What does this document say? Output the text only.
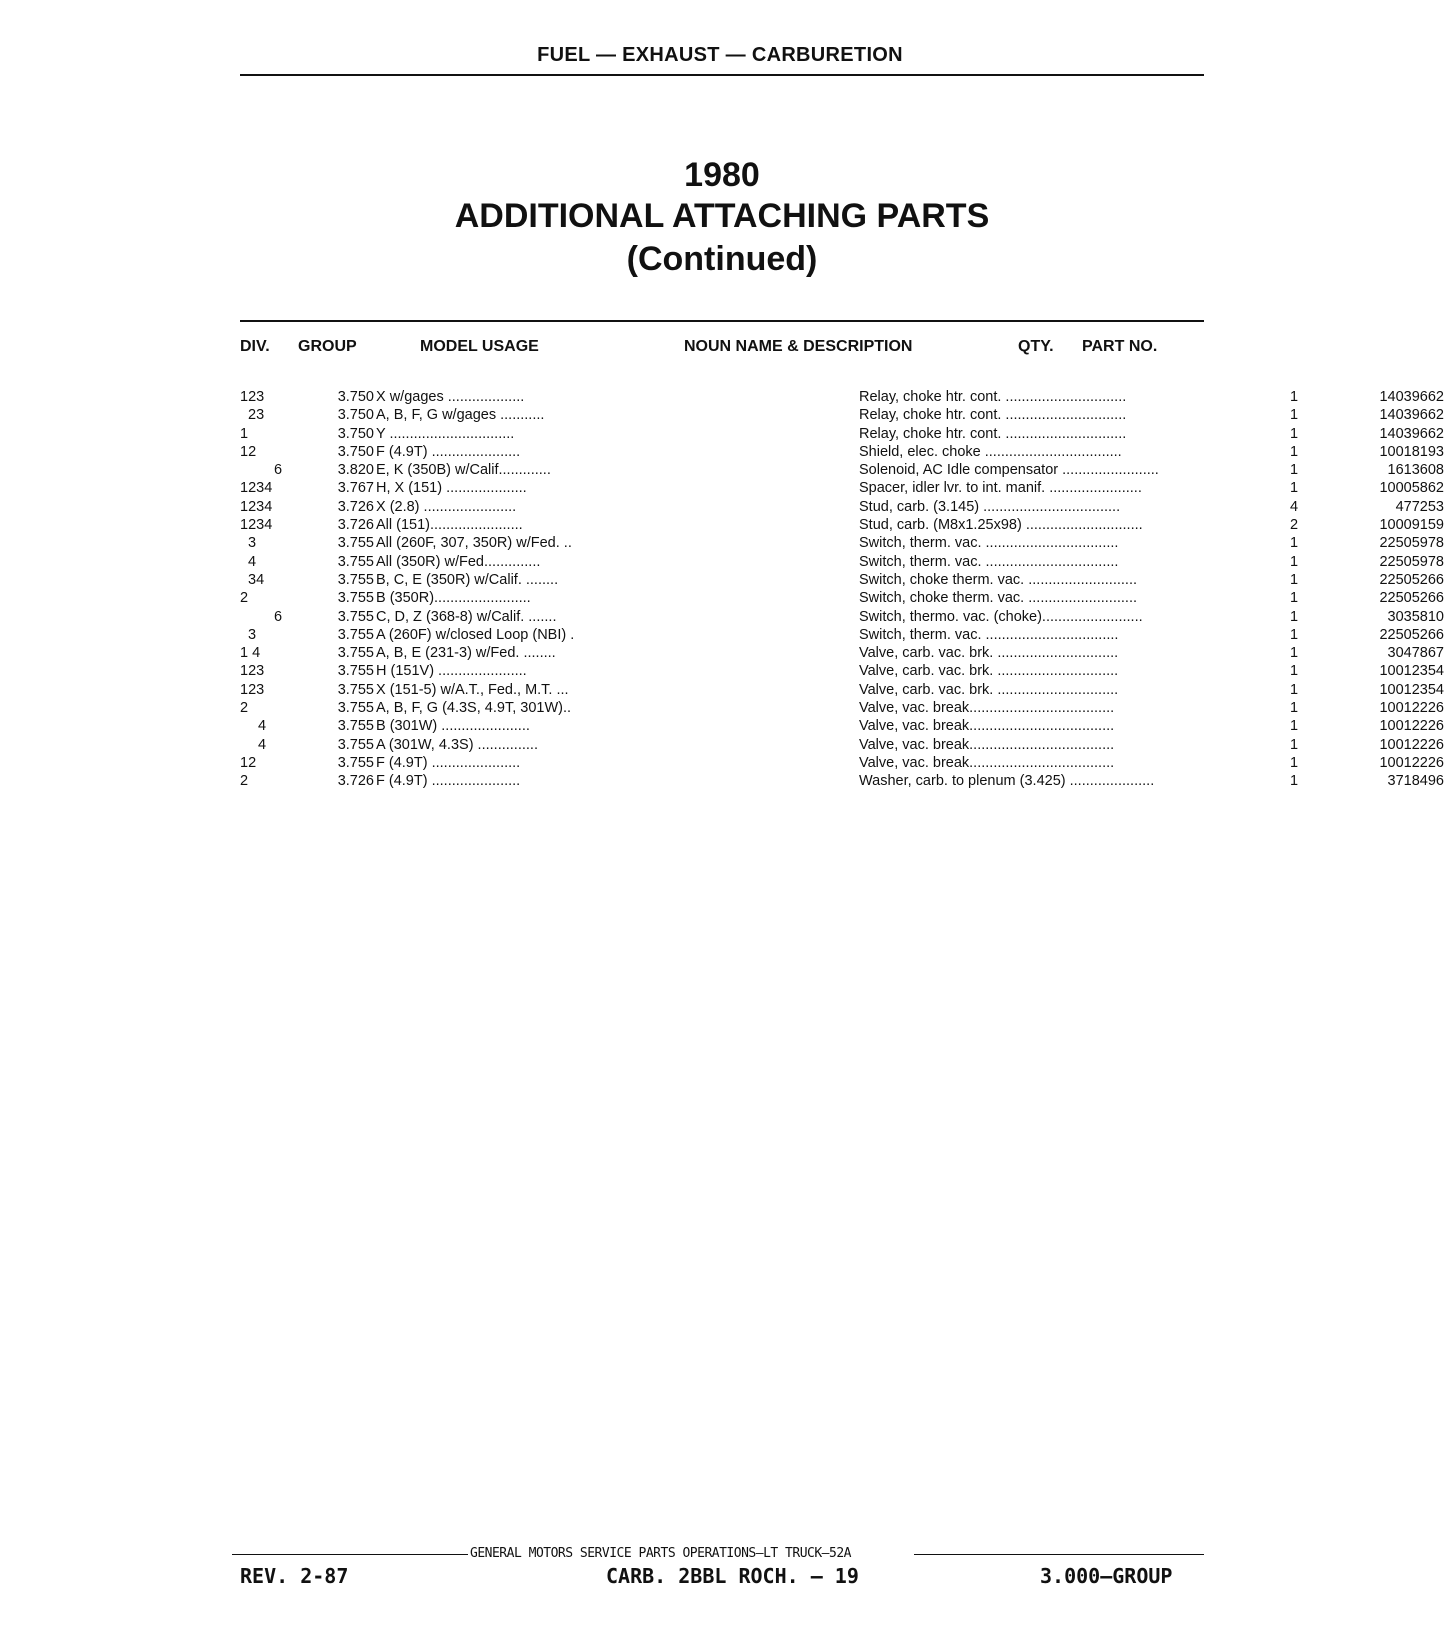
FUEL — EXHAUST — CARBURETION
1980
ADDITIONAL ATTACHING PARTS
(Continued)
DIV. GROUP	MODEL USAGE	NOUN NAME & DESCRIPTION	QTY. PART NO.
123	3.750 X w/gages ...................	Relay, choke htr. cont. ..............................	1	14039662
23	3.750 A, B, F, G w/gages ...........	Relay, choke htr. cont. ..............................	1	14039662
1	3.750 Y ...............................	Relay, choke htr. cont. ..............................	1	14039662
12	3.750 F (4.9T) ......................	Shield, elec. choke ..................................	1	10018193
6	3.820 E, K (350B) w/Calif.............	Solenoid, AC Idle compensator ........................	1	1613608
1234	3.767 H, X (151) ....................	Spacer, idler lvr. to int. manif. .......................	1	10005862
1234	3.726 X (2.8) .......................	Stud, carb. (3.145) ..................................	4	477253
1234	3.726 All (151).......................	Stud, carb. (M8x1.25x98) .............................	2	10009159
3	3.755 All (260F, 307, 350R) w/Fed. ..	Switch, therm. vac. .................................	1	22505978
4	3.755 All (350R) w/Fed..............	Switch, therm. vac. .................................	1	22505978
34	3.755 B, C, E (350R) w/Calif. ........	Switch, choke therm. vac. ...........................	1	22505266
2	3.755 B (350R)........................	Switch, choke therm. vac. ...........................	1	22505266
6	3.755 C, D, Z (368-8) w/Calif. .......	Switch, thermo. vac. (choke).........................	1	3035810
3	3.755 A (260F) w/closed Loop (NBI) .	Switch, therm. vac. .................................	1	22505266
1 4	3.755 A, B, E (231-3) w/Fed. ........	Valve, carb. vac. brk. ..............................	1	3047867
123	3.755 H (151V) ......................	Valve, carb. vac. brk. ..............................	1	10012354
123	3.755 X (151-5) w/A.T., Fed., M.T. ...	Valve, carb. vac. brk. ..............................	1	10012354
2	3.755 A, B, F, G (4.3S, 4.9T, 301W)..	Valve, vac. break....................................	1	10012226
4	3.755 B (301W) ......................	Valve, vac. break....................................	1	10012226
4	3.755 A (301W, 4.3S) ...............	Valve, vac. break....................................	1	10012226
12	3.755 F (4.9T) ......................	Valve, vac. break....................................	1	10012226
2	3.726 F (4.9T) ......................	Washer, carb. to plenum (3.425) .....................	1	3718496
GENERAL MOTORS SERVICE PARTS OPERATIONS—LT TRUCK—52A
REV. 2-87	CARB. 2BBL ROCH. — 19	3.000—GROUP
